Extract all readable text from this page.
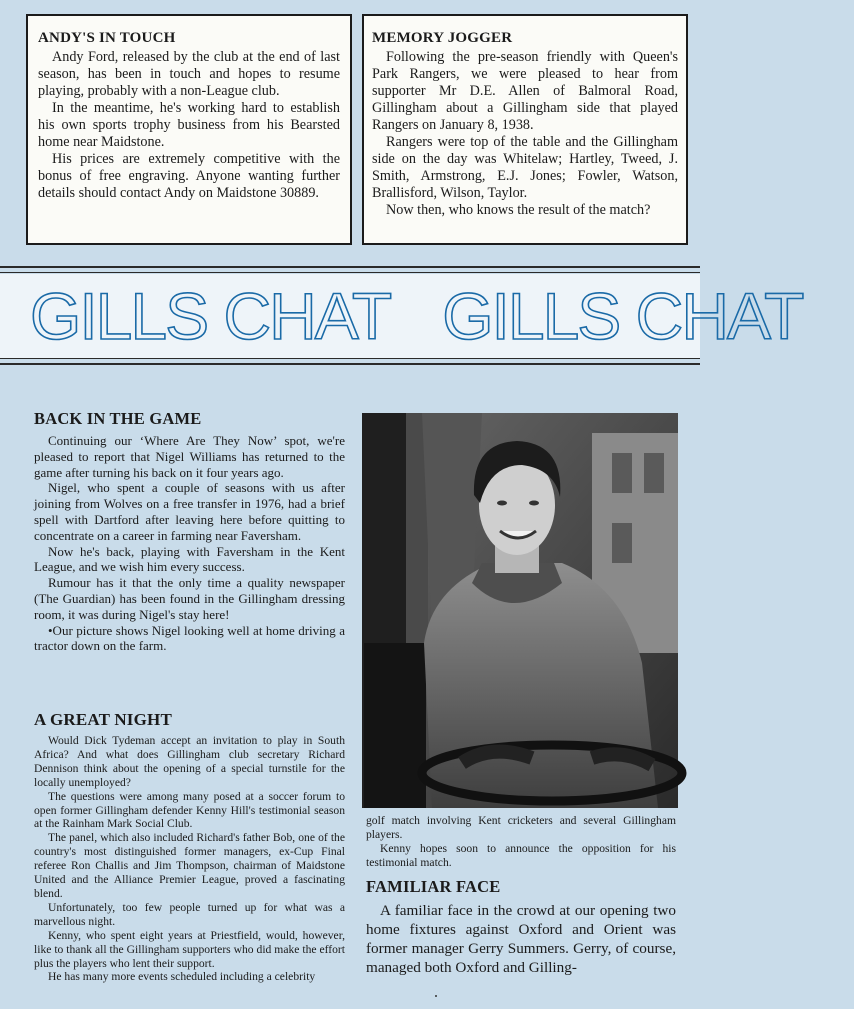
ANDY'S IN TOUCH

Andy Ford, released by the club at the end of last season, has been in touch and hopes to resume playing, probably with a non-League club.

In the meantime, he's working hard to establish his own sports trophy business from his Bearsted home near Maidstone.

His prices are extremely competitive with the bonus of free engraving. Anyone wanting further details should contact Andy on Maidstone 30889.

MEMORY JOGGER

Following the pre-season friendly with Queen's Park Rangers, we were pleased to hear from supporter Mr D.E. Allen of Balmoral Road, Gillingham about a Gillingham side that played Rangers on January 8, 1938.

Rangers were top of the table and the Gillingham side on the day was Whitelaw; Hartley, Tweed, J. Smith, Armstrong, E.J. Jones; Fowler, Watson, Brallisford, Wilson, Taylor.

Now then, who knows the result of the match?

GILLS CHAT GILLS CHAT
BACK IN THE GAME

Continuing our ‘Where Are They Now’ spot, we're pleased to report that Nigel Williams has returned to the game after turning his back on it four years ago.

Nigel, who spent a couple of seasons with us after joining from Wolves on a free transfer in 1976, had a brief spell with Dartford after leaving here before quitting to concentrate on a career in farming near Faversham.

Now he's back, playing with Faversham in the Kent League, and we wish him every success.

Rumour has it that the only time a quality newspaper (The Guardian) has been found in the Gillingham dressing room, it was during Nigel's stay here!

•Our picture shows Nigel looking well at home driving a tractor down on the farm.

A GREAT NIGHT

Would Dick Tydeman accept an invitation to play in South Africa? And what does Gillingham club secretary Richard Dennison think about the opening of a special turnstile for the locally unemployed?

The questions were among many posed at a soccer forum to open former Gillingham defender Kenny Hill's testimonial season at the Rainham Mark Social Club.

The panel, which also included Richard's father Bob, one of the country's most distinguished former managers, ex-Cup Final referee Ron Challis and Jim Thompson, chairman of Maidstone United and the Alliance Premier League, proved a fascinating blend.

Unfortunately, too few people turned up for what was a marvellous night.

Kenny, who spent eight years at Priestfield, would, however, like to thank all the Gillingham supporters who did make the effort plus the players who lent their support.

He has many more events scheduled including a celebrity

golf match involving Kent cricketers and several Gillingham players.

Kenny hopes soon to announce the opposition for his testimonial match.

FAMILIAR FACE

A familiar face in the crowd at our opening two home fixtures against Oxford and Orient was former manager Gerry Summers. Gerry, of course, managed both Oxford and Gilling-
